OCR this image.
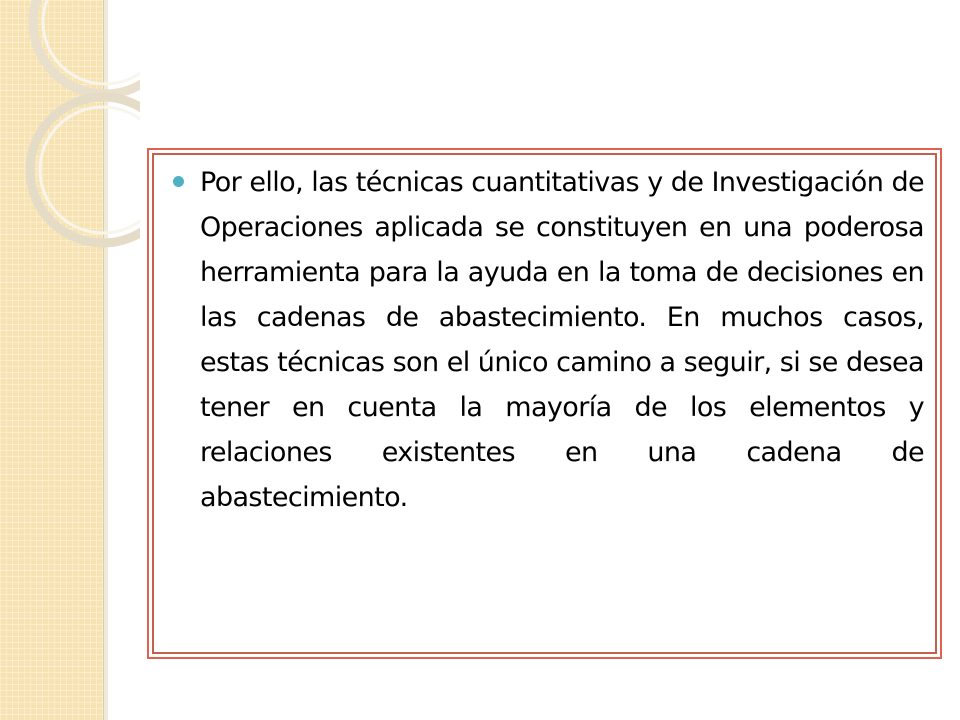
Por ello, las técnicas cuantitativas y de Investigación de Operaciones aplicada se constituyen en una poderosa herramienta para la ayuda en la toma de decisiones en las cadenas de abastecimiento. En muchos casos, estas técnicas son el único camino a seguir, si se desea tener en cuenta la mayoría de los elementos y relaciones existentes en una cadena de abastecimiento.
